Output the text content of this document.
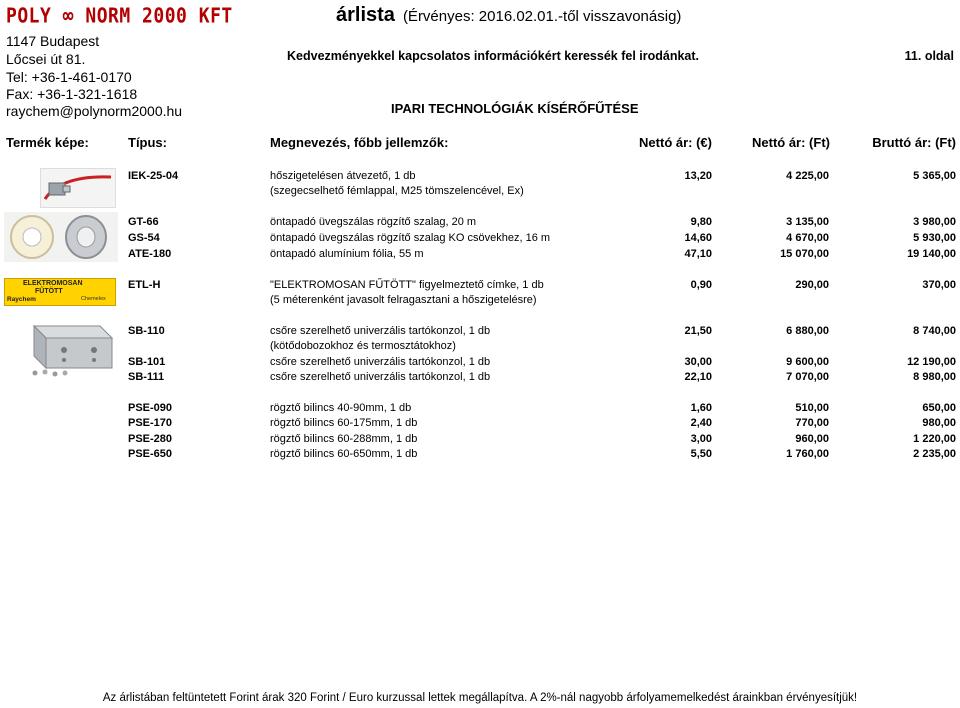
POLY ∞ NORM 2000 KFT
1147 Budapest
Lőcsei út 81.
Tel: +36-1-461-0170
Fax: +36-1-321-1618
raychem@polynorm2000.hu
árlista (Érvényes: 2016.02.01.-től visszavonásig)
Kedvezményekkel kapcsolatos információkért keressék fel irodánkat.	11. oldal
IPARI TECHNOLÓGIÁK KÍSÉRŐFŰTÉSE
Termék képe:	Típus:	Megnevezés, főbb jellemzők:	Nettó ár: (€)	Nettó ár: (Ft)	Bruttó ár: (Ft)
ELEKTROMOSAN
FŰTÖTT
Raychem	Chemelex
IEK-25-04	hőszigetelésen átvezető, 1 db	13,20	4 225,00	5 365,00
(szegecselhető fémlappal, M25 tömszelencével, Ex)
GT-66	öntapadó üvegszálas rögzítő szalag, 20 m	9,80	3 135,00	3 980,00
GS-54	öntapadó üvegszálas rögzítő szalag KO csövekhez, 16 m	14,60	4 670,00	5 930,00
ATE-180	öntapadó alumínium fólia, 55 m	47,10	15 070,00	19 140,00
ETL-H	"ELEKTROMOSAN FŰTÖTT" figyelmeztető címke, 1 db	0,90	290,00	370,00
(5 méterenként javasolt felragasztani a hőszigetelésre)
SB-110	csőre szerelhető univerzális tartókonzol, 1 db	21,50	6 880,00	8 740,00
(kötődobozokhoz és termosztátokhoz)
SB-101	csőre szerelhető univerzális tartókonzol, 1 db	30,00	9 600,00	12 190,00
SB-111	csőre szerelhető univerzális tartókonzol, 1 db	22,10	7 070,00	8 980,00
PSE-090	rögztő bilincs 40-90mm, 1 db	1,60	510,00	650,00
PSE-170	rögztő bilincs 60-175mm, 1 db	2,40	770,00	980,00
PSE-280	rögztő bilincs 60-288mm, 1 db	3,00	960,00	1 220,00
PSE-650	rögztő bilincs 60-650mm, 1 db	5,50	1 760,00	2 235,00
Az árlistában feltüntetett Forint árak 320 Forint / Euro kurzussal lettek megállapítva. A 2%-nál nagyobb árfolyamemelkedést árainkban érvényesítjük!
